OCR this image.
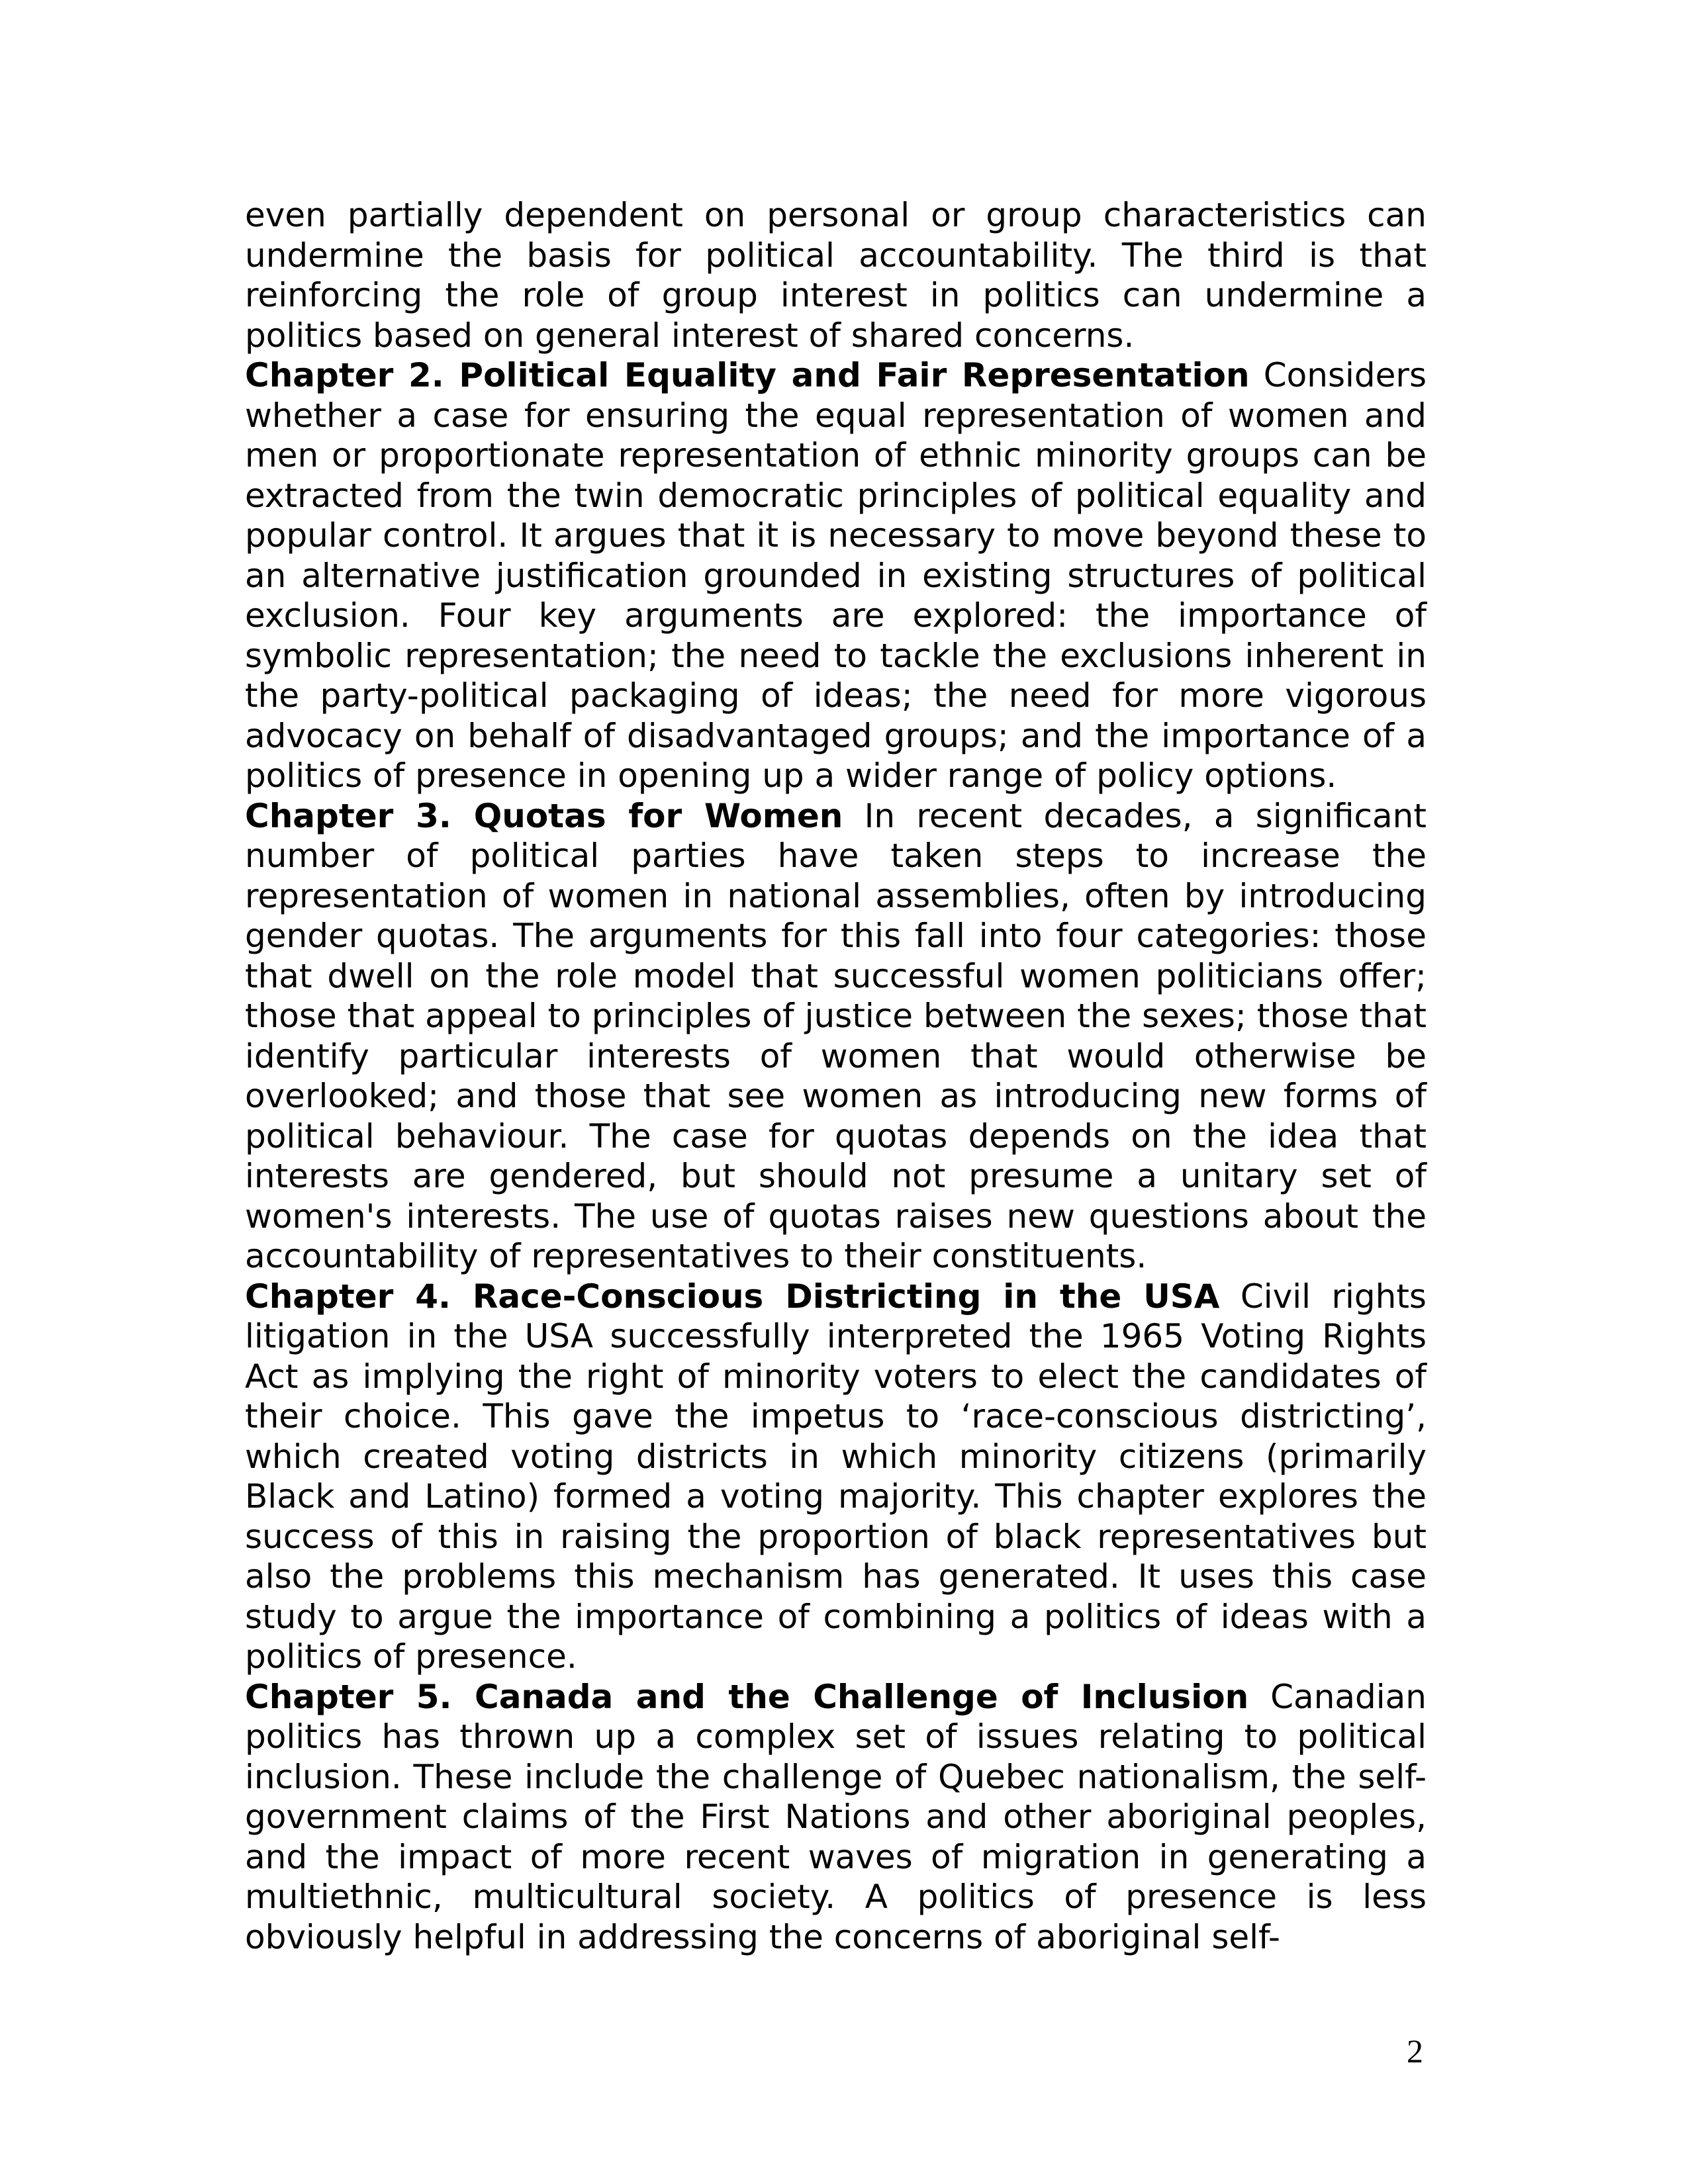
even partially dependent on personal or group characteristics can undermine the basis for political accountability. The third is that reinforcing the role of group interest in politics can undermine a politics based on general interest of shared concerns.

Chapter 2. Political Equality and Fair Representation Considers whether a case for ensuring the equal representation of women and men or proportionate representation of ethnic minority groups can be extracted from the twin democratic principles of political equality and popular control. It argues that it is necessary to move beyond these to an alternative justification grounded in existing structures of political exclusion. Four key arguments are explored: the importance of symbolic representation; the need to tackle the exclusions inherent in the party-political packaging of ideas; the need for more vigorous advocacy on behalf of disadvantaged groups; and the importance of a politics of presence in opening up a wider range of policy options.

Chapter 3. Quotas for Women In recent decades, a significant number of political parties have taken steps to increase the representation of women in national assemblies, often by introducing gender quotas. The arguments for this fall into four categories: those that dwell on the role model that successful women politicians offer; those that appeal to principles of justice between the sexes; those that identify particular interests of women that would otherwise be overlooked; and those that see women as introducing new forms of political behaviour. The case for quotas depends on the idea that interests are gendered, but should not presume a unitary set of women's interests. The use of quotas raises new questions about the accountability of representatives to their constituents.

Chapter 4. Race-Conscious Districting in the USA Civil rights litigation in the USA successfully interpreted the 1965 Voting Rights Act as implying the right of minority voters to elect the candidates of their choice. This gave the impetus to ‘race-conscious districting’, which created voting districts in which minority citizens (primarily Black and Latino) formed a voting majority. This chapter explores the success of this in raising the proportion of black representatives but also the problems this mechanism has generated. It uses this case study to argue the importance of combining a politics of ideas with a politics of presence.

Chapter 5. Canada and the Challenge of Inclusion Canadian politics has thrown up a complex set of issues relating to political inclusion. These include the challenge of Quebec nationalism, the self-government claims of the First Nations and other aboriginal peoples, and the impact of more recent waves of migration in generating a multiethnic, multicultural society. A politics of presence is less obviously helpful in addressing the concerns of aboriginal self-

2
